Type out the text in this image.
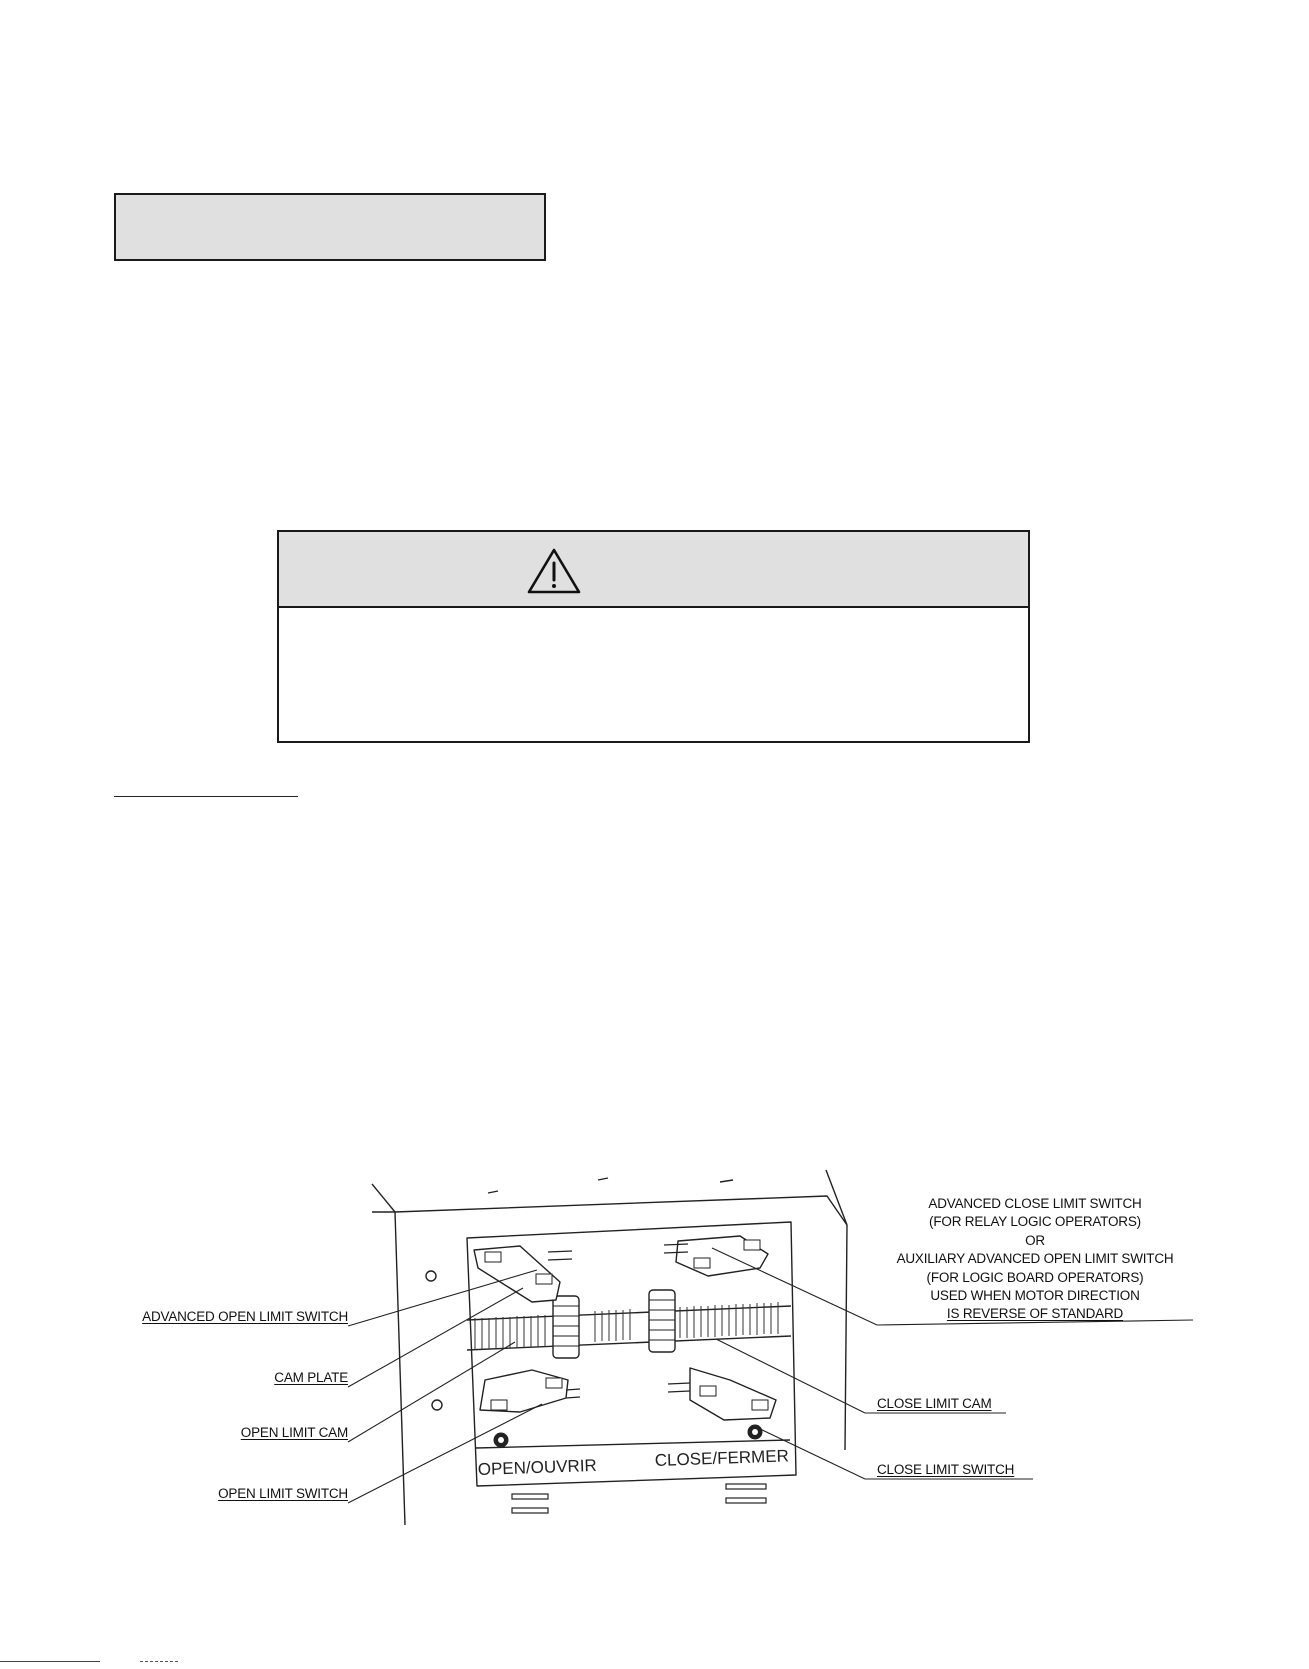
OPEN/OUVRIR	CLOSE/FERMER
ADVANCED OPEN LIMIT SWITCH
CAM PLATE
OPEN LIMIT CAM
OPEN LIMIT SWITCH
CLOSE LIMIT CAM
CLOSE LIMIT SWITCH
ADVANCED CLOSE LIMIT SWITCH
(FOR RELAY LOGIC OPERATORS)
OR
AUXILIARY ADVANCED OPEN LIMIT SWITCH
(FOR LOGIC BOARD OPERATORS)
USED WHEN MOTOR DIRECTION
IS REVERSE OF STANDARD
